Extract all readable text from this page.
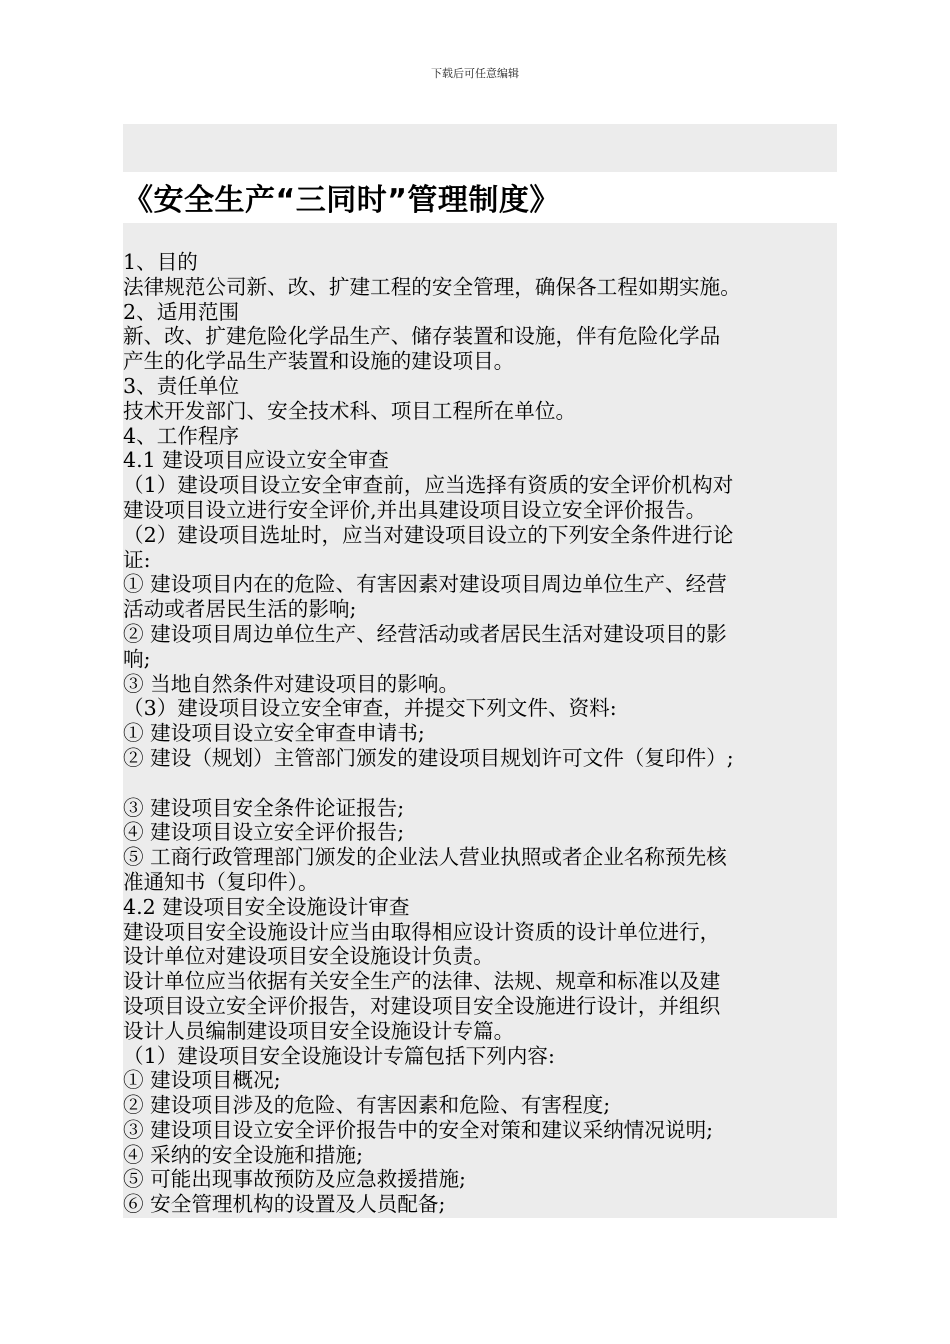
下载后可任意编辑
《安全生产“三同时”管理制度》
1、目的
法律规范公司新、改、扩建工程的安全管理，确保各工程如期实施。
2、适用范围
新、改、扩建危险化学品生产、储存装置和设施，伴有危险化学品
产生的化学品生产装置和设施的建设项目。
3、责任单位
技术开发部门、安全技术科、项目工程所在单位。
4、工作程序
4.1 建设项目应设立安全审查
（1）建设项目设立安全审查前，应当选择有资质的安全评价机构对
建设项目设立进行安全评价,并出具建设项目设立安全评价报告。
（2）建设项目选址时，应当对建设项目设立的下列安全条件进行论
证:
① 建设项目内在的危险、有害因素对建设项目周边单位生产、经营
活动或者居民生活的影响;
② 建设项目周边单位生产、经营活动或者居民生活对建设项目的影
响;
③ 当地自然条件对建设项目的影响。
（3）建设项目设立安全审查，并提交下列文件、资料:
① 建设项目设立安全审查申请书;
② 建设（规划）主管部门颁发的建设项目规划许可文件（复印件）;
③ 建设项目安全条件论证报告;
④ 建设项目设立安全评价报告;
⑤ 工商行政管理部门颁发的企业法人营业执照或者企业名称预先核
准通知书（复印件）。
4.2 建设项目安全设施设计审查
建设项目安全设施设计应当由取得相应设计资质的设计单位进行，
设计单位对建设项目安全设施设计负责。
设计单位应当依据有关安全生产的法律、法规、规章和标准以及建
设项目设立安全评价报告，对建设项目安全设施进行设计，并组织
设计人员编制建设项目安全设施设计专篇。
（1）建设项目安全设施设计专篇包括下列内容:
① 建设项目概况;
② 建设项目涉及的危险、有害因素和危险、有害程度;
③ 建设项目设立安全评价报告中的安全对策和建议采纳情况说明;
④ 采纳的安全设施和措施;
⑤ 可能出现事故预防及应急救援措施;
⑥ 安全管理机构的设置及人员配备;
